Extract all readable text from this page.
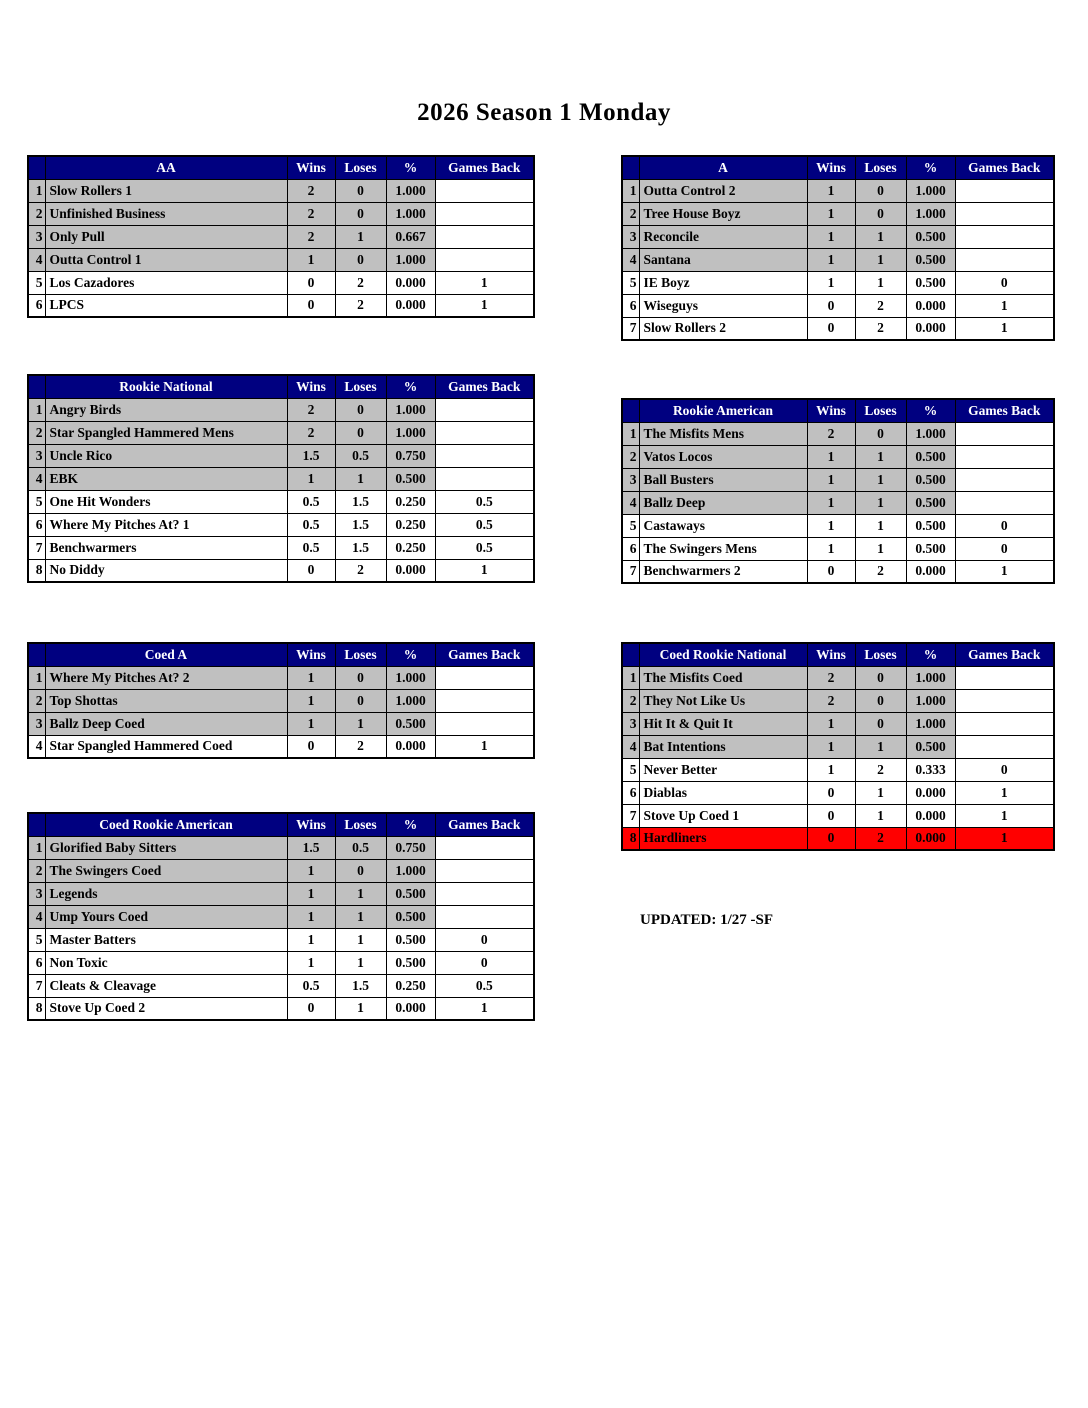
2026 Season 1 Monday
	AA	Wins	Loses	%	Games Back
1	Slow Rollers 1	2	0	1.000	
2	Unfinished Business	2	0	1.000	
3	Only Pull	2	1	0.667	
4	Outta Control 1	1	0	1.000	
5	Los Cazadores	0	2	0.000	1
6	LPCS	0	2	0.000	1
	A	Wins	Loses	%	Games Back
1	Outta Control 2	1	0	1.000	
2	Tree House Boyz	1	0	1.000	
3	Reconcile	1	1	0.500	
4	Santana	1	1	0.500	
5	IE Boyz	1	1	0.500	0
6	Wiseguys	0	2	0.000	1
7	Slow Rollers 2	0	2	0.000	1
	Rookie National	Wins	Loses	%	Games Back
1	Angry Birds	2	0	1.000	
2	Star Spangled Hammered Mens	2	0	1.000	
3	Uncle Rico	1.5	0.5	0.750	
4	EBK	1	1	0.500	
5	One Hit Wonders	0.5	1.5	0.250	0.5
6	Where My Pitches At? 1	0.5	1.5	0.250	0.5
7	Benchwarmers	0.5	1.5	0.250	0.5
8	No Diddy	0	2	0.000	1
	Rookie American	Wins	Loses	%	Games Back
1	The Misfits Mens	2	0	1.000	
2	Vatos Locos	1	1	0.500	
3	Ball Busters	1	1	0.500	
4	Ballz Deep	1	1	0.500	
5	Castaways	1	1	0.500	0
6	The Swingers Mens	1	1	0.500	0
7	Benchwarmers 2	0	2	0.000	1
	Coed A	Wins	Loses	%	Games Back
1	Where My Pitches At? 2	1	0	1.000	
2	Top Shottas	1	0	1.000	
3	Ballz Deep Coed	1	1	0.500	
4	Star Spangled Hammered Coed	0	2	0.000	1
	Coed Rookie National	Wins	Loses	%	Games Back
1	The Misfits Coed	2	0	1.000	
2	They Not Like Us	2	0	1.000	
3	Hit It & Quit It	1	0	1.000	
4	Bat Intentions	1	1	0.500	
5	Never Better	1	2	0.333	0
6	Diablas	0	1	0.000	1
7	Stove Up Coed 1	0	1	0.000	1
8	Hardliners	0	2	0.000	1
	Coed Rookie American	Wins	Loses	%	Games Back
1	Glorified Baby Sitters	1.5	0.5	0.750	
2	The Swingers Coed	1	0	1.000	
3	Legends	1	1	0.500	
4	Ump Yours Coed	1	1	0.500	
5	Master Batters	1	1	0.500	0
6	Non Toxic	1	1	0.500	0
7	Cleats & Cleavage	0.5	1.5	0.250	0.5
8	Stove Up Coed 2	0	1	0.000	1
UPDATED: 1/27 -SF
